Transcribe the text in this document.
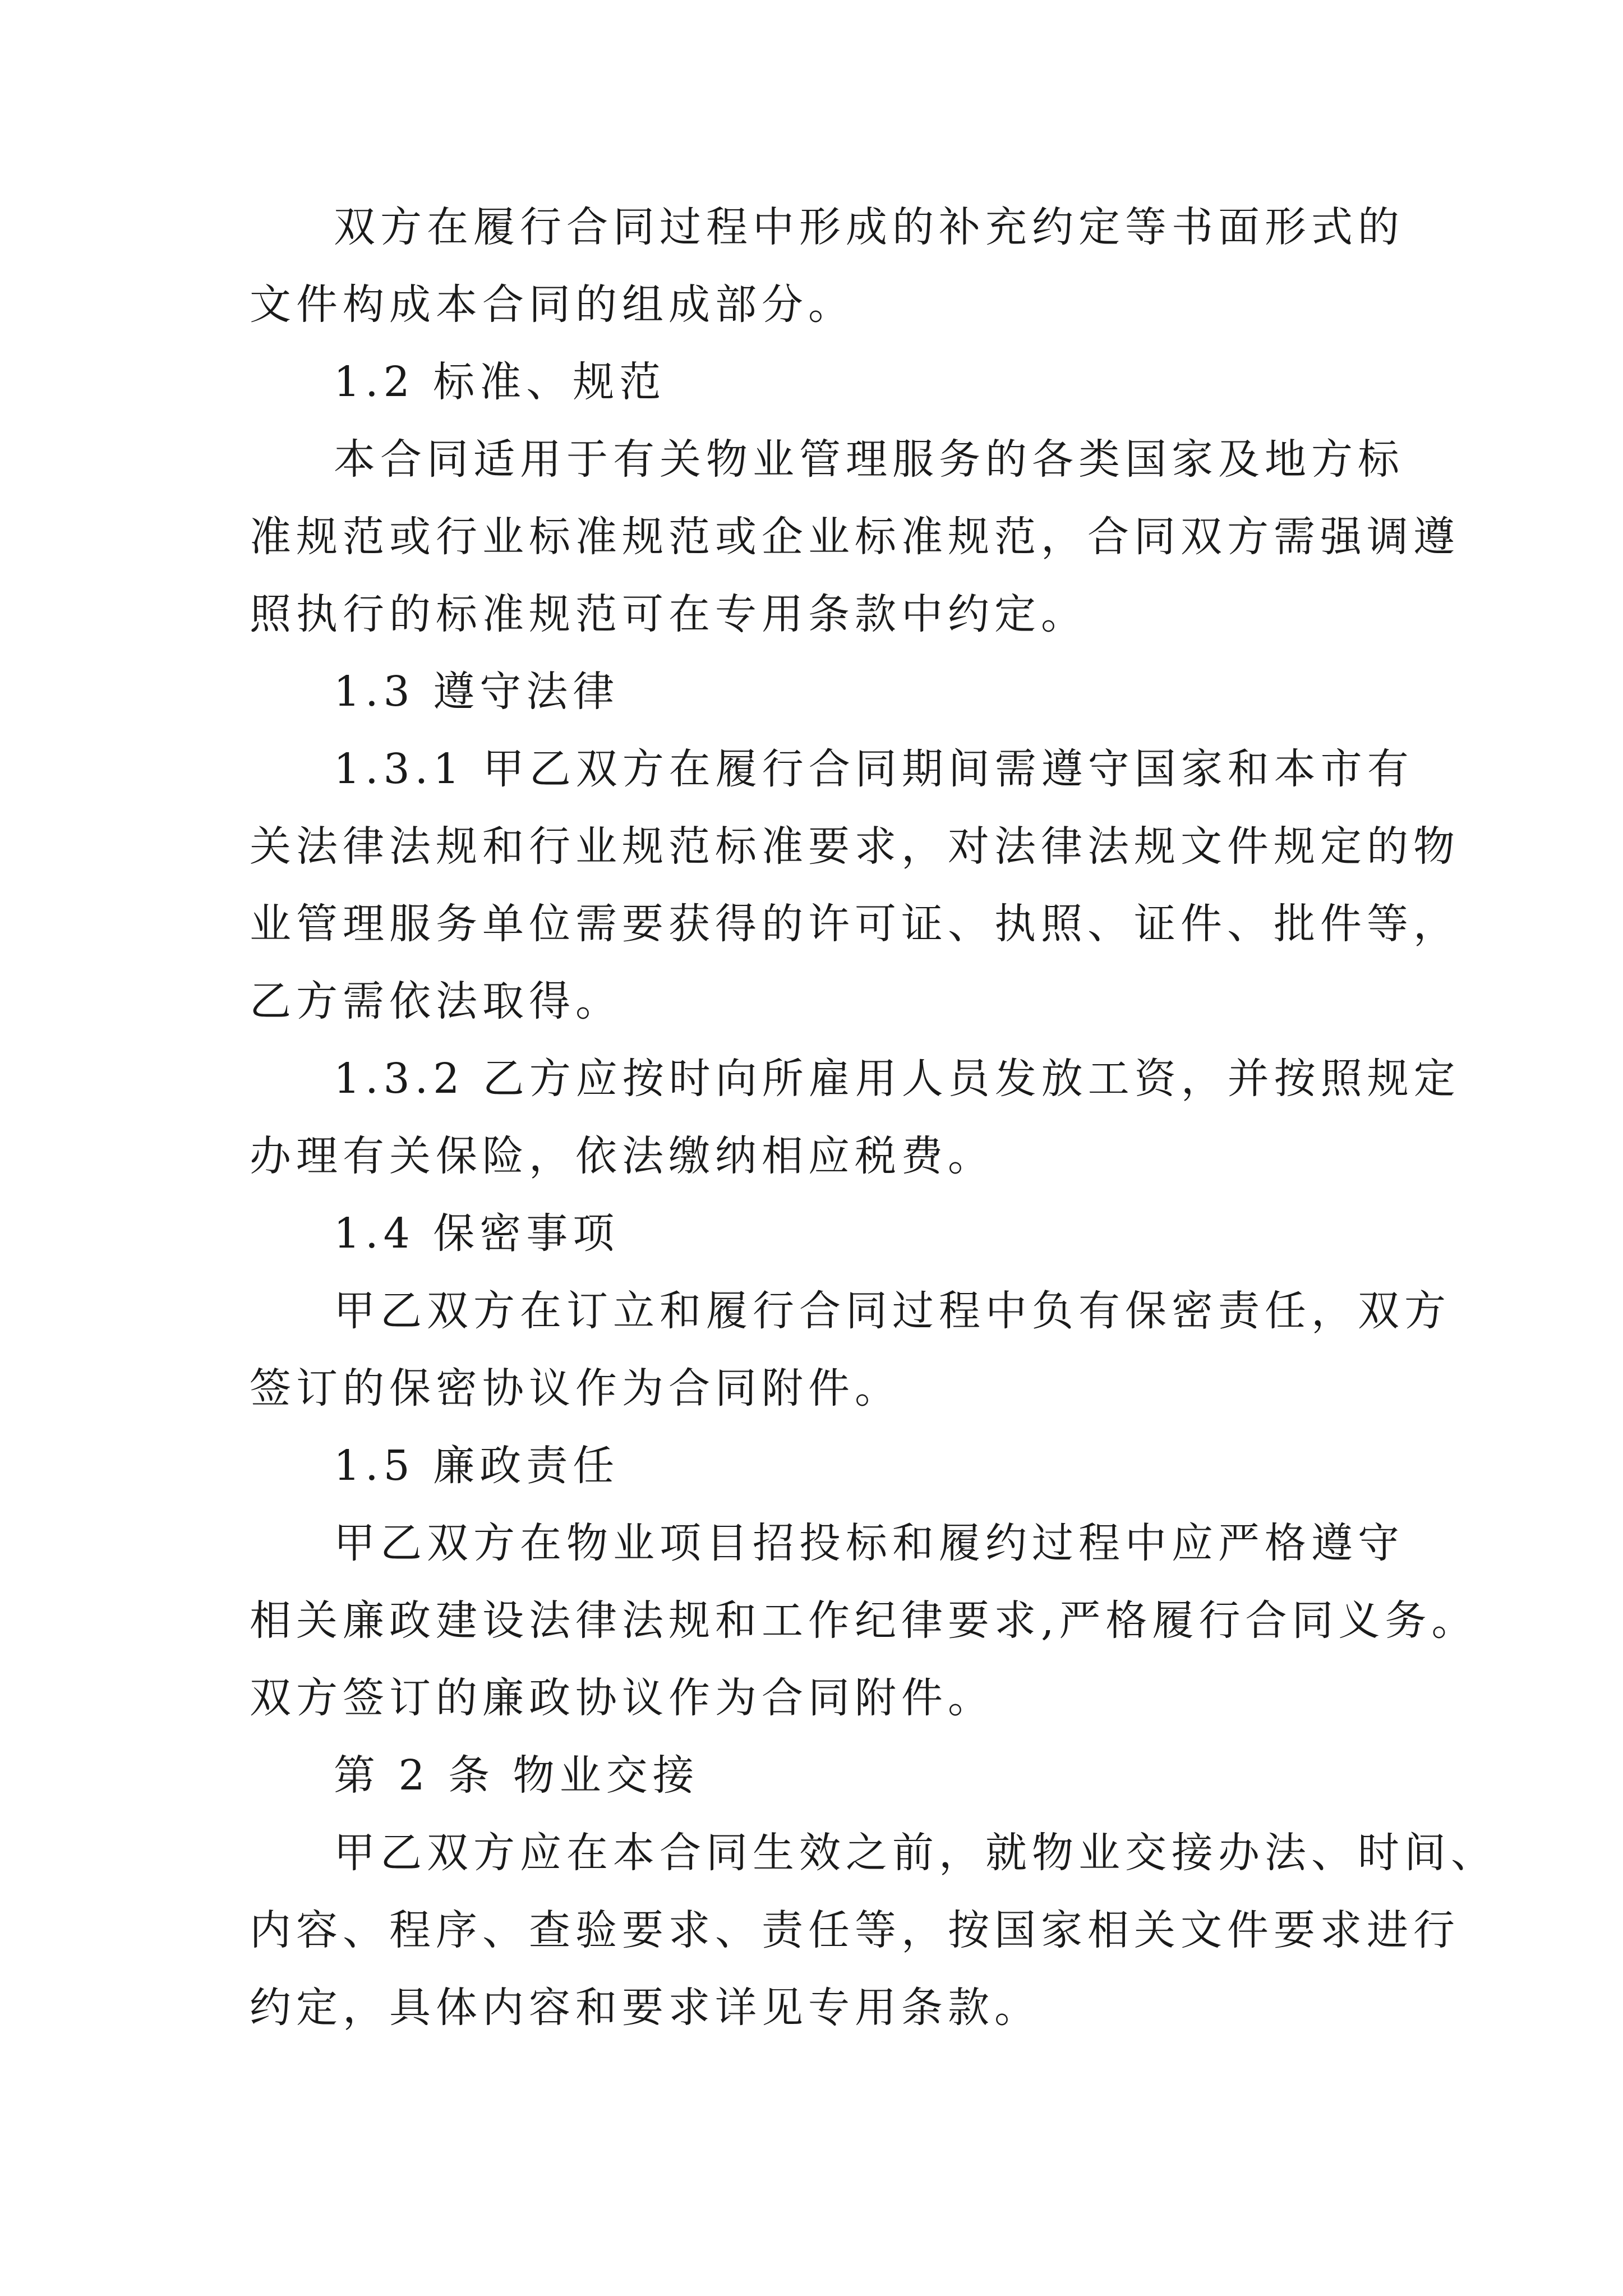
双方在履行合同过程中形成的补充约定等书面形式的
文件构成本合同的组成部分。
1.2 标准、规范
本合同适用于有关物业管理服务的各类国家及地方标
准规范或行业标准规范或企业标准规范，合同双方需强调遵
照执行的标准规范可在专用条款中约定。
1.3 遵守法律
1.3.1 甲乙双方在履行合同期间需遵守国家和本市有
关法律法规和行业规范标准要求，对法律法规文件规定的物
业管理服务单位需要获得的许可证、执照、证件、批件等，
乙方需依法取得。
1.3.2 乙方应按时向所雇用人员发放工资，并按照规定
办理有关保险，依法缴纳相应税费。
1.4 保密事项
甲乙双方在订立和履行合同过程中负有保密责任，双方
签订的保密协议作为合同附件。
1.5 廉政责任
甲乙双方在物业项目招投标和履约过程中应严格遵守
相关廉政建设法律法规和工作纪律要求,严格履行合同义务。
双方签订的廉政协议作为合同附件。
第 2 条 物业交接
甲乙双方应在本合同生效之前，就物业交接办法、时间、
内容、程序、查验要求、责任等，按国家相关文件要求进行
约定，具体内容和要求详见专用条款。
